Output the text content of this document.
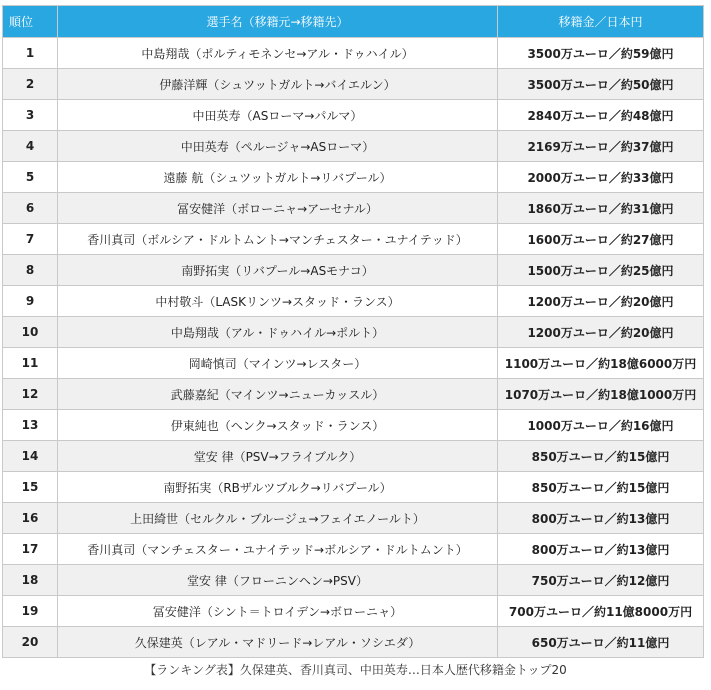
順位	選手名（移籍元→移籍先）	移籍金／日本円
1	中島翔哉（ポルティモネンセ→アル・ドゥハイル）	3500万ユーロ／約59億円
2	伊藤洋輝（シュツットガルト→バイエルン）	3500万ユーロ／約50億円
3	中田英寿（ASローマ→パルマ）	2840万ユーロ／約48億円
4	中田英寿（ペルージャ→ASローマ）	2169万ユーロ／約37億円
5	遠藤 航（シュツットガルト→リバプール）	2000万ユーロ／約33億円
6	冨安健洋（ボローニャ→アーセナル）	1860万ユーロ／約31億円
7	香川真司（ボルシア・ドルトムント→マンチェスター・ユナイテッド）	1600万ユーロ／約27億円
8	南野拓実（リバプール→ASモナコ）	1500万ユーロ／約25億円
9	中村敬斗（LASKリンツ→スタッド・ランス）	1200万ユーロ／約20億円
10	中島翔哉（アル・ドゥハイル→ポルト）	1200万ユーロ／約20億円
11	岡崎慎司（マインツ→レスター）	1100万ユーロ／約18億6000万円
12	武藤嘉紀（マインツ→ニューカッスル）	1070万ユーロ／約18億1000万円
13	伊東純也（ヘンク→スタッド・ランス）	1000万ユーロ／約16億円
14	堂安 律（PSV→フライブルク）	850万ユーロ／約15億円
15	南野拓実（RBザルツブルク→リバプール）	850万ユーロ／約15億円
16	上田綺世（セルクル・ブルージュ→フェイエノールト）	800万ユーロ／約13億円
17	香川真司（マンチェスター・ユナイテッド→ボルシア・ドルトムント）	800万ユーロ／約13億円
18	堂安 律（フローニンヘン→PSV）	750万ユーロ／約12億円
19	冨安健洋（シント＝トロイデン→ボローニャ）	700万ユーロ／約11億8000万円
20	久保建英（レアル・マドリード→レアル・ソシエダ）	650万ユーロ／約11億円
【ランキング表】久保建英、香川真司、中田英寿…日本人歴代移籍金トップ20
